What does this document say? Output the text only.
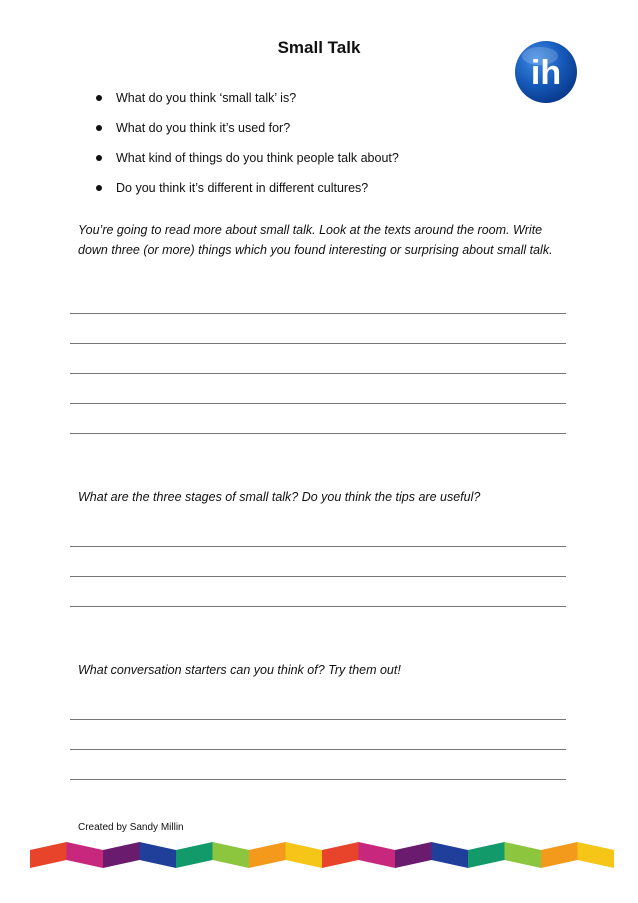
Small Talk
ih
What do you think ‘small talk’ is?
What do you think it’s used for?
What kind of things do you think people talk about?
Do you think it’s different in different cultures?
You’re going to read more about small talk. Look at the texts around the room. Write down three (or more) things which you found interesting or surprising about small talk.
What are the three stages of small talk? Do you think the tips are useful?
What conversation starters can you think of? Try them out!
Created by Sandy Millin
